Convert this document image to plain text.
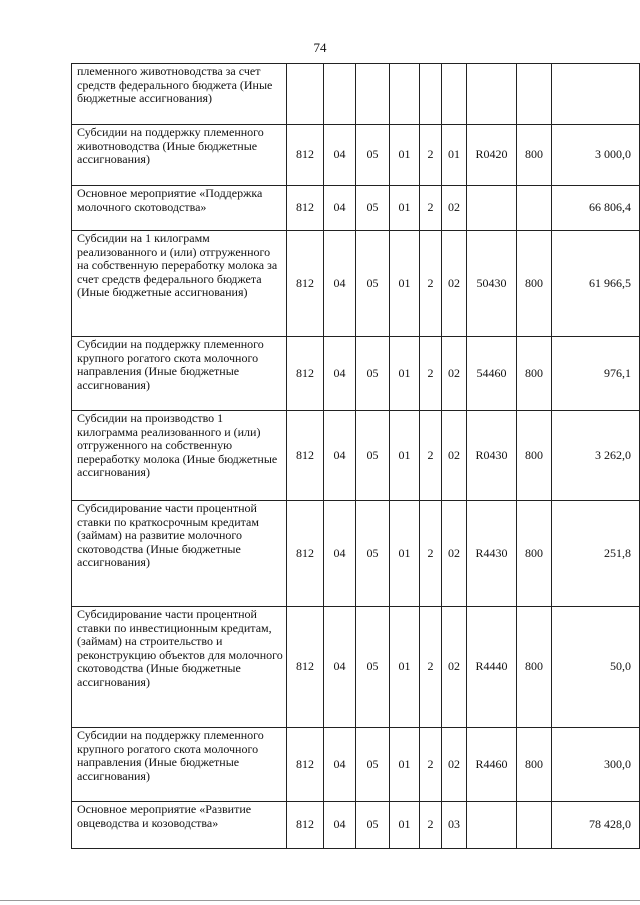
74
племенного животноводства за счет средств федерального бюджета (Иные бюджетные ассигнования)									
Субсидии на поддержку племенного животноводства (Иные бюджетные ассигнования)	812	04	05	01	2	01	R0420	800	3 000,0
Основное мероприятие «Поддержка молочного скотоводства»	812	04	05	01	2	02			66 806,4
Субсидии на 1 килограмм реализованного и (или) отгруженного на собственную переработку молока за счет средств федерального бюджета (Иные бюджетные ассигнования)	812	04	05	01	2	02	50430	800	61 966,5
Субсидии на поддержку племенного крупного рогатого скота молочного направления (Иные бюджетные ассигнования)	812	04	05	01	2	02	54460	800	976,1
Субсидии на производство 1 килограмма реализованного и (или) отгруженного на собственную переработку молока (Иные бюджетные ассигнования)	812	04	05	01	2	02	R0430	800	3 262,0
Субсидирование части процентной ставки по краткосрочным кредитам (займам) на развитие молочного скотоводства (Иные бюджетные ассигнования)	812	04	05	01	2	02	R4430	800	251,8
Субсидирование части процентной ставки по инвестиционным кредитам, (займам) на строительство и реконструкцию объектов для молочного скотоводства (Иные бюджетные ассигнования)	812	04	05	01	2	02	R4440	800	50,0
Субсидии на поддержку племенного крупного рогатого скота молочного направления (Иные бюджетные ассигнования)	812	04	05	01	2	02	R4460	800	300,0
Основное мероприятие «Развитие овцеводства и козоводства»	812	04	05	01	2	03			78 428,0
